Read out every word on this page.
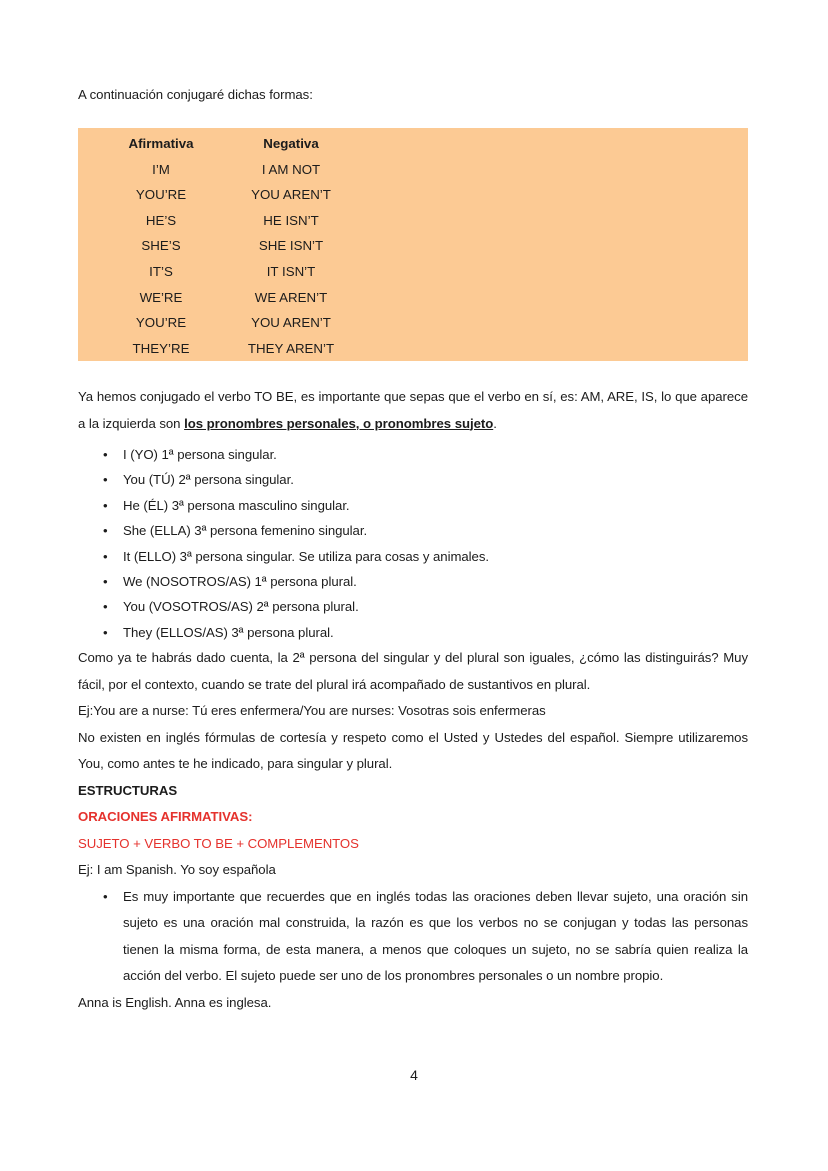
A continuación conjugaré dichas formas:
Afirmativa	Negativa
I’M	I AM NOT
YOU’RE	YOU AREN’T
HE’S	HE ISN’T
SHE’S	SHE ISN’T
IT’S	IT ISN’T
WE’RE	WE AREN’T
YOU’RE	YOU AREN’T
THEY’RE	THEY AREN’T

Ya hemos conjugado el verbo TO BE, es importante que sepas que el verbo en sí, es: AM, ARE, IS, lo que aparece a la izquierda son los pronombres personales, o pronombres sujeto.

• I (YO) 1ª persona singular.
• You (TÚ) 2ª persona singular.
• He (ÉL) 3ª persona masculino singular.
• She (ELLA) 3ª persona femenino singular.
• It (ELLO) 3ª persona singular. Se utiliza para cosas y animales.
• We (NOSOTROS/AS) 1ª persona plural.
• You (VOSOTROS/AS) 2ª persona plural.
• They (ELLOS/AS) 3ª persona plural.

Como ya te habrás dado cuenta, la 2ª persona del singular y del plural son iguales, ¿cómo las distinguirás? Muy fácil, por el contexto, cuando se trate del plural irá acompañado de sustantivos en plural.

Ej:You are a nurse: Tú eres enfermera/You are nurses: Vosotras sois enfermeras

No existen en inglés fórmulas de cortesía y respeto como el Usted y Ustedes del español. Siempre utilizaremos You, como antes te he indicado, para singular y plural.

ESTRUCTURAS

ORACIONES AFIRMATIVAS:

SUJETO + VERBO TO BE + COMPLEMENTOS

Ej: I am Spanish. Yo soy española

• Es muy importante que recuerdes que en inglés todas las oraciones deben llevar sujeto, una oración sin sujeto es una oración mal construida, la razón es que los verbos no se conjugan y todas las personas tienen la misma forma, de esta manera, a menos que coloques un sujeto, no se sabría quien realiza la acción del verbo. El sujeto puede ser uno de los pronombres personales o un nombre propio.

Anna is English. Anna es inglesa.

4
